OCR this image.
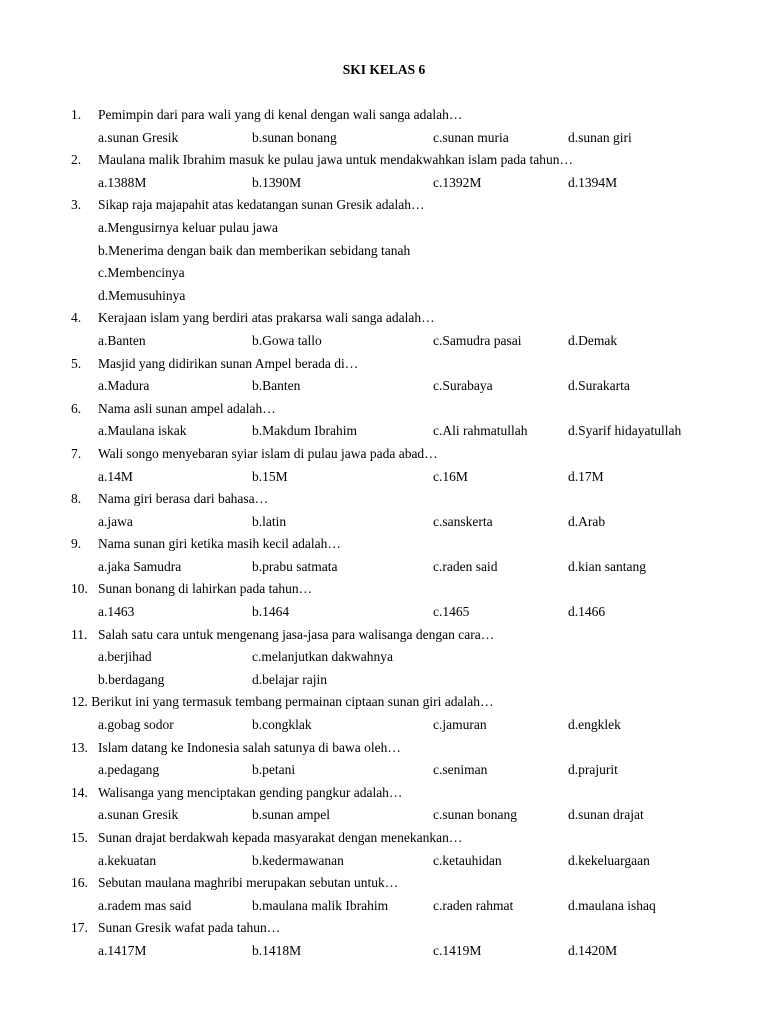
SKI KELAS 6
1. Pemimpin dari para wali yang di kenal dengan wali sanga adalah…
a.sunan Gresik	b.sunan bonang	c.sunan muria	d.sunan giri
2. Maulana malik Ibrahim masuk ke pulau jawa untuk mendakwahkan islam pada tahun…
a.1388M	b.1390M	c.1392M	d.1394M
3. Sikap raja majapahit atas kedatangan sunan Gresik adalah…
a.Mengusirnya keluar pulau jawa
b.Menerima dengan baik dan memberikan sebidang tanah
c.Membencinya
d.Memusuhinya
4. Kerajaan islam yang berdiri atas prakarsa wali sanga adalah…
a.Banten	b.Gowa tallo	c.Samudra pasai	d.Demak
5. Masjid yang didirikan sunan Ampel berada di…
a.Madura	b.Banten	c.Surabaya	d.Surakarta
6. Nama asli sunan ampel adalah…
a.Maulana iskak	b.Makdum Ibrahim	c.Ali rahmatullah	d.Syarif hidayatullah
7. Wali songo menyebaran syiar islam di pulau jawa pada abad…
a.14M	b.15M	c.16M	d.17M
8. Nama giri berasa dari bahasa…
a.jawa	b.latin	c.sanskerta	d.Arab
9. Nama sunan giri ketika masih kecil adalah…
a.jaka Samudra	b.prabu satmata	c.raden said	d.kian santang
10. Sunan bonang di lahirkan pada tahun…
a.1463	b.1464	c.1465	d.1466
11. Salah satu cara untuk mengenang jasa-jasa para walisanga dengan cara…
a.berjihad	c.melanjutkan dakwahnya
b.berdagang	d.belajar rajin
12. Berikut ini yang termasuk tembang permainan ciptaan sunan giri adalah…
a.gobag sodor	b.congklak	c.jamuran	d.engklek
13. Islam datang ke Indonesia salah satunya di bawa oleh…
a.pedagang	b.petani	c.seniman	d.prajurit
14. Walisanga yang menciptakan gending pangkur adalah…
a.sunan Gresik	b.sunan ampel	c.sunan bonang	d.sunan drajat
15. Sunan drajat berdakwah kepada masyarakat dengan menekankan…
a.kekuatan	b.kedermawanan	c.ketauhidan	d.kekeluargaan
16. Sebutan maulana maghribi merupakan sebutan untuk…
a.radem mas said	b.maulana malik Ibrahim	c.raden rahmat	d.maulana ishaq
17. Sunan Gresik wafat pada tahun…
a.1417M	b.1418M	c.1419M	d.1420M
